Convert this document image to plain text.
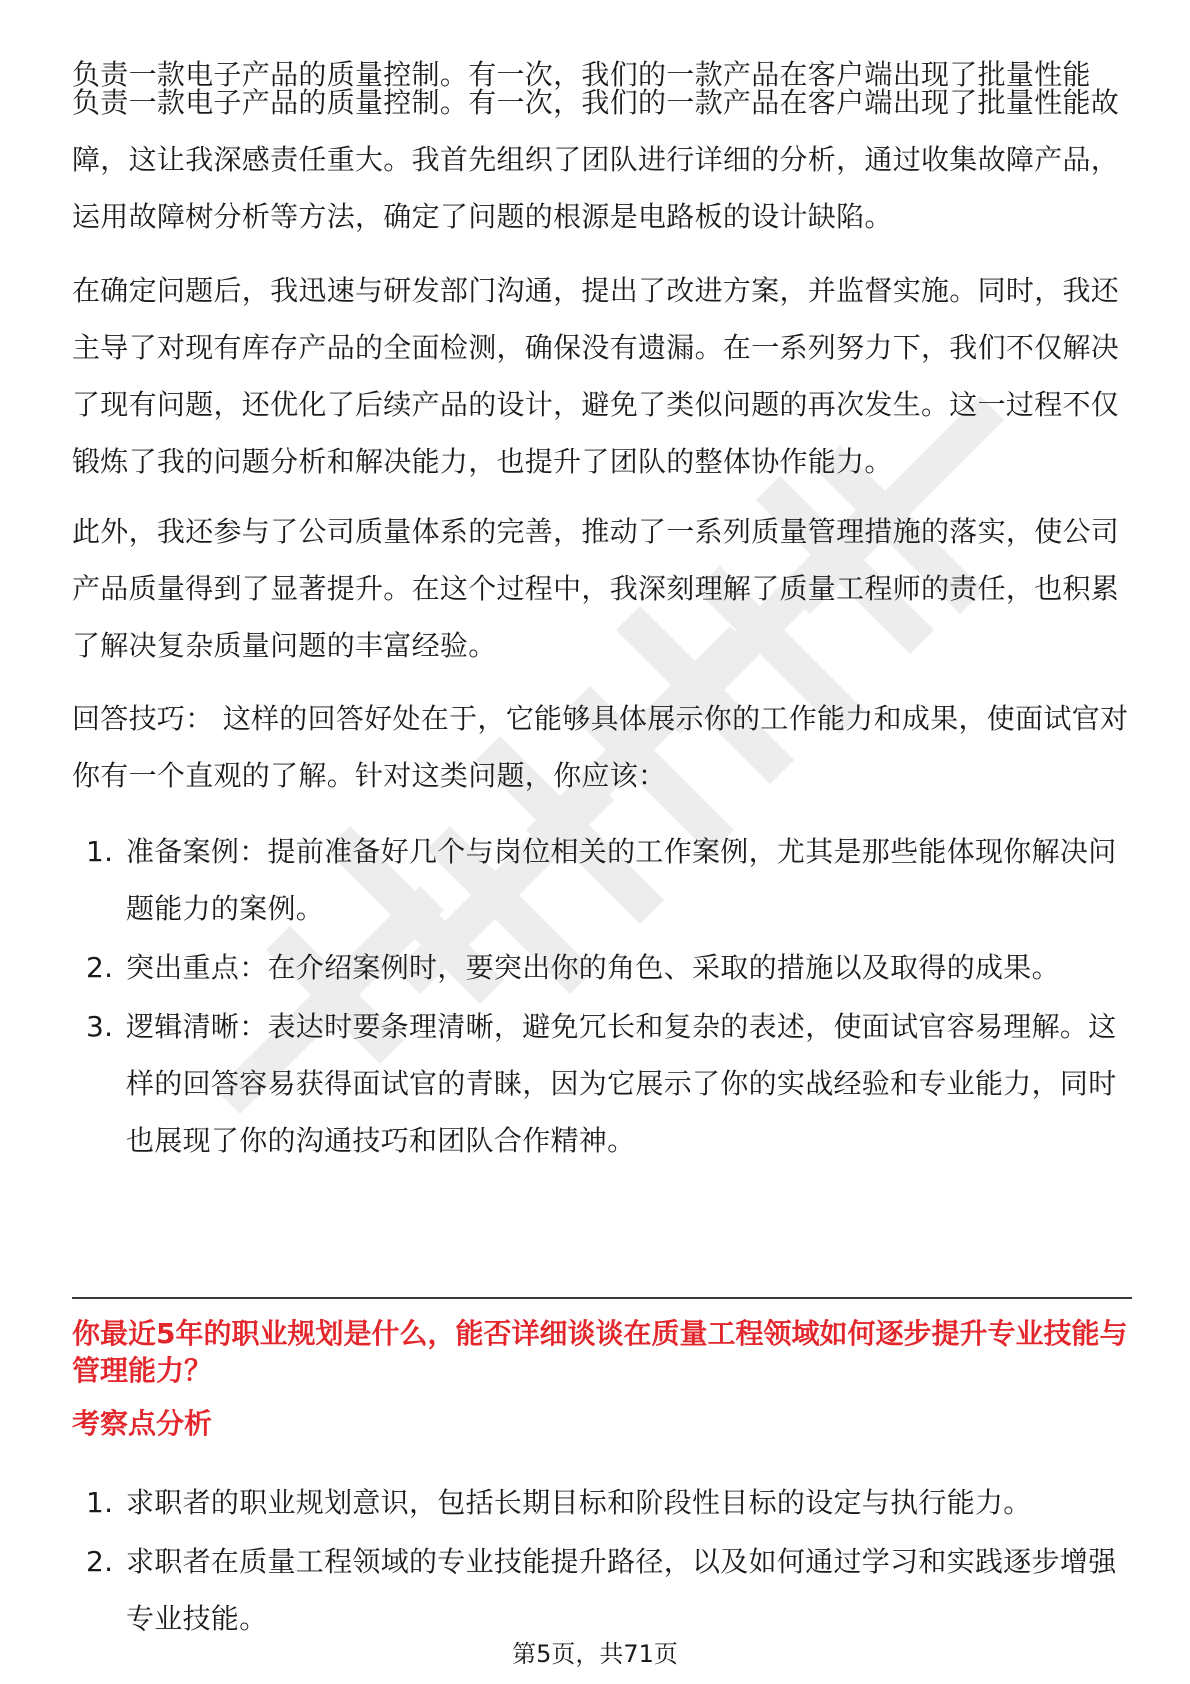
负责一款电子产品的质量控制。有一次，我们的一款产品在客户端出现了批量性能

负责一款电子产品的质量控制。有一次，我们的一款产品在客户端出现了批量性能故障，这让我深感责任重大。我首先组织了团队进行详细的分析，通过收集故障产品，运用故障树分析等方法，确定了问题的根源是电路板的设计缺陷。

在确定问题后，我迅速与研发部门沟通，提出了改进方案，并监督实施。同时，我还主导了对现有库存产品的全面检测，确保没有遗漏。在一系列努力下，我们不仅解决了现有问题，还优化了后续产品的设计，避免了类似问题的再次发生。这一过程不仅锻炼了我的问题分析和解决能力，也提升了团队的整体协作能力。

此外，我还参与了公司质量体系的完善，推动了一系列质量管理措施的落实，使公司产品质量得到了显著提升。在这个过程中，我深刻理解了质量工程师的责任，也积累了解决复杂质量问题的丰富经验。

回答技巧： 这样的回答好处在于，它能够具体展示你的工作能力和成果，使面试官对你有一个直观的了解。针对这类问题，你应该：

1. 准备案例：提前准备好几个与岗位相关的工作案例，尤其是那些能体现你解决问题能力的案例。
2. 突出重点：在介绍案例时，要突出你的角色、采取的措施以及取得的成果。
3. 逻辑清晰：表达时要条理清晰，避免冗长和复杂的表述，使面试官容易理解。这样的回答容易获得面试官的青睐，因为它展示了你的实战经验和专业能力，同时也展现了你的沟通技巧和团队合作精神。

你最近5年的职业规划是什么，能否详细谈谈在质量工程领域如何逐步提升专业技能与管理能力？

考察点分析

1. 求职者的职业规划意识，包括长期目标和阶段性目标的设定与执行能力。
2. 求职者在质量工程领域的专业技能提升路径，以及如何通过学习和实践逐步增强专业技能。
第5页，共71页
